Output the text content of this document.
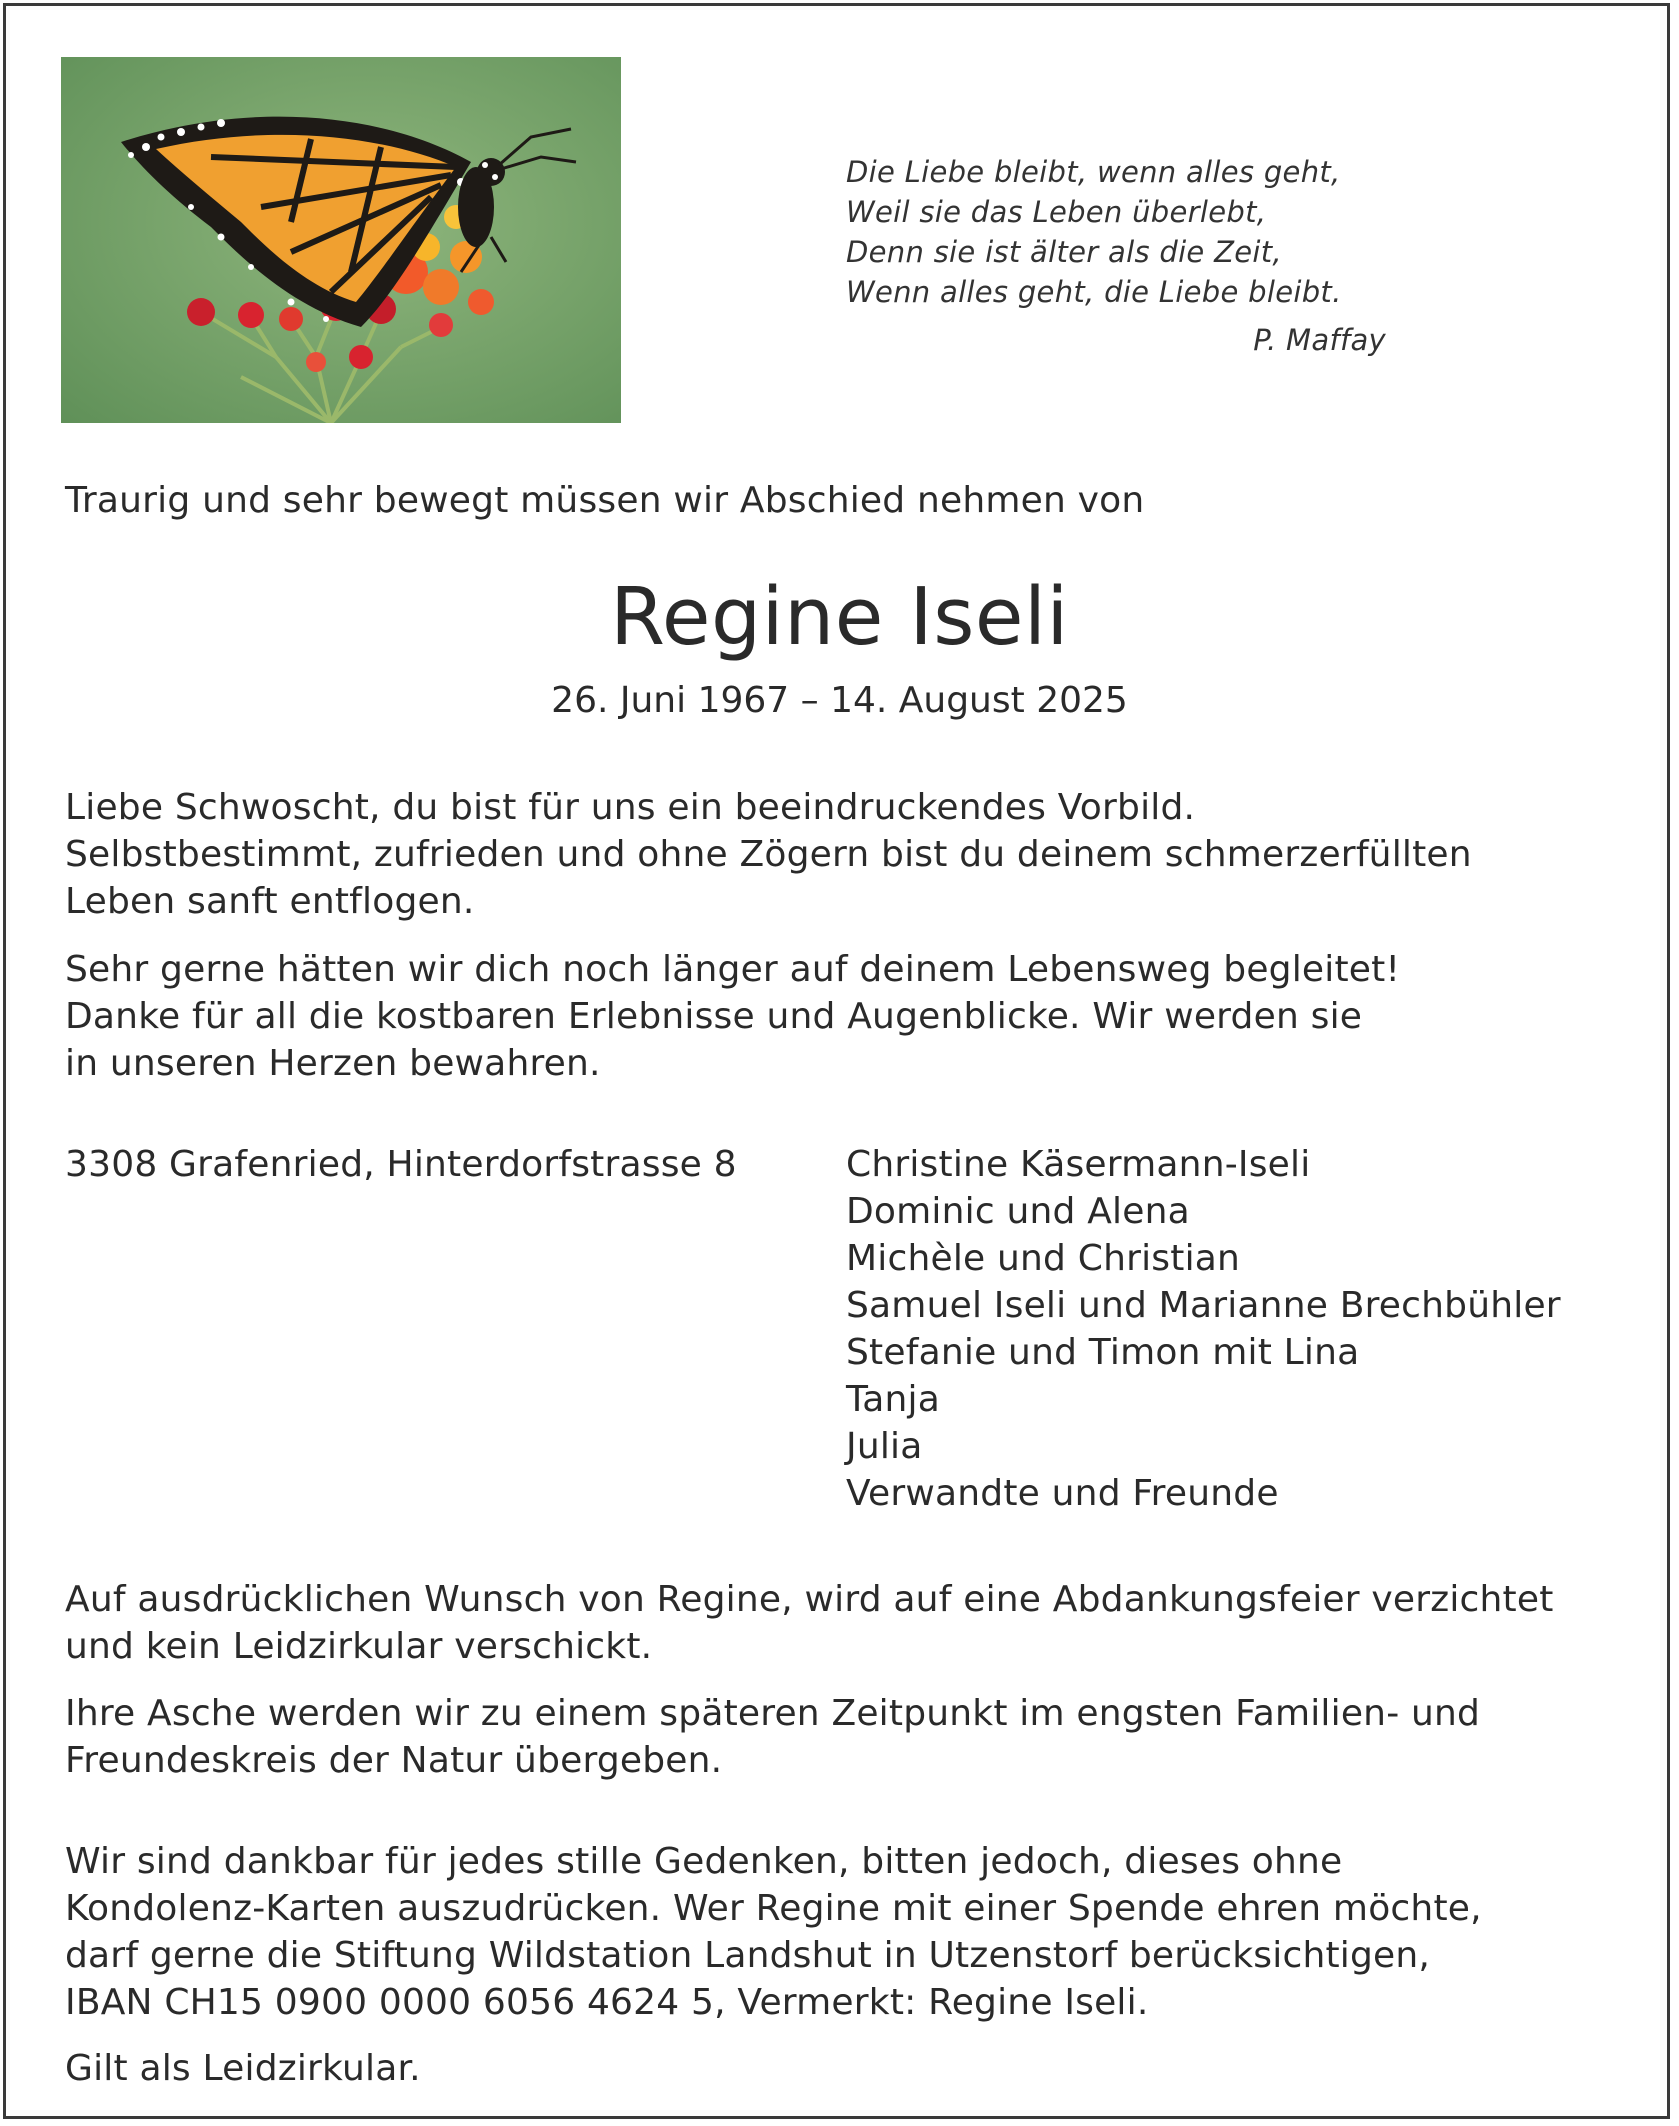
Die Liebe bleibt, wenn alles geht,
Weil sie das Leben überlebt,
Denn sie ist älter als die Zeit,
Wenn alles geht, die Liebe bleibt.
P. Maffay
Traurig und sehr bewegt müssen wir Abschied nehmen von
Regine Iseli
26. Juni 1967 – 14. August 2025
Liebe Schwoscht, du bist für uns ein beeindruckendes Vorbild.
Selbstbestimmt, zufrieden und ohne Zögern bist du deinem schmerzerfüllten
Leben sanft entflogen.
Sehr gerne hätten wir dich noch länger auf deinem Lebensweg begleitet!
Danke für all die kostbaren Erlebnisse und Augenblicke. Wir werden sie
in unseren Herzen bewahren.
3308 Grafenried, Hinterdorfstrasse 8	Christine Käsermann-Iseli
Dominic und Alena
Michèle und Christian
Samuel Iseli und Marianne Brechbühler
Stefanie und Timon mit Lina
Tanja
Julia
Verwandte und Freunde
Auf ausdrücklichen Wunsch von Regine, wird auf eine Abdankungsfeier verzichtet
und kein Leidzirkular verschickt.
Ihre Asche werden wir zu einem späteren Zeitpunkt im engsten Familien- und
Freundeskreis der Natur übergeben.
Wir sind dankbar für jedes stille Gedenken, bitten jedoch, dieses ohne
Kondolenz-Karten auszudrücken. Wer Regine mit einer Spende ehren möchte,
darf gerne die Stiftung Wildstation Landshut in Utzenstorf berücksichtigen,
IBAN CH15 0900 0000 6056 4624 5, Vermerkt: Regine Iseli.
Gilt als Leidzirkular.
